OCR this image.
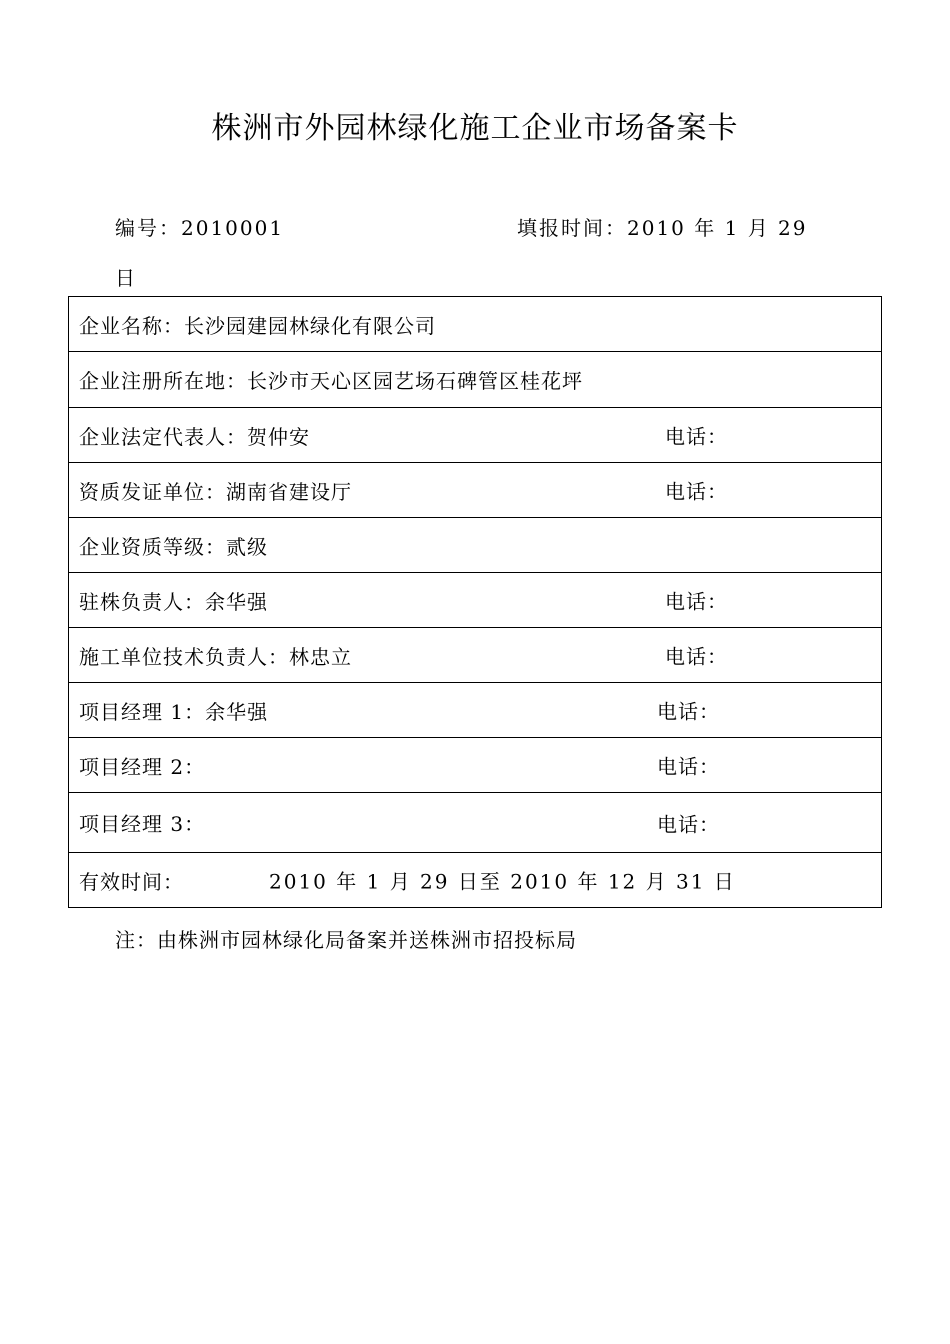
株洲市外园林绿化施工企业市场备案卡
编号：2010001	填报时间：2010 年 1 月 29
日
企业名称：长沙园建园林绿化有限公司
企业注册所在地：长沙市天心区园艺场石碑管区桂花坪
企业法定代表人：贺仲安	电话：

资质发证单位：湖南省建设厅	电话：

企业资质等级：贰级
驻株负责人：余华强	电话：

施工单位技术负责人：林忠立	电话：

项目经理 1：余华强	电话：

项目经理 2：	电话：

项目经理 3：	电话：

有效时间：	2010 年 1 月 29 日至 2010 年 12 月 31 日
注：由株洲市园林绿化局备案并送株洲市招投标局
